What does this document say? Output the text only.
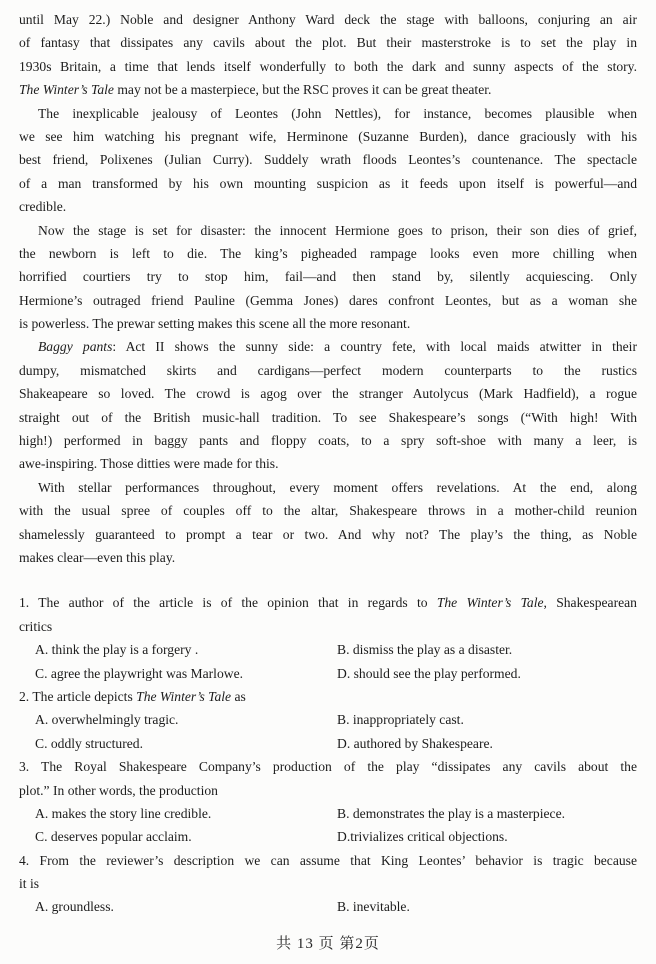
until May 22.) Noble and designer Anthony Ward deck the stage with balloons, conjuring an air
of fantasy that dissipates any cavils about the plot. But their masterstroke is to set the play in
1930s Britain, a time that lends itself wonderfully to both the dark and sunny aspects of the story.
The Winter’s Tale may not be a masterpiece, but the RSC proves it can be great theater.
The inexplicable jealousy of Leontes (John Nettles), for instance, becomes plausible when
we see him watching his pregnant wife, Herminone (Suzanne Burden), dance graciously with his
best friend, Polixenes (Julian Curry). Suddely wrath floods Leontes’s countenance. The spectacle
of a man transformed by his own mounting suspicion as it feeds upon itself is powerful—and
credible.
Now the stage is set for disaster: the innocent Hermione goes to prison, their son dies of grief,
the newborn is left to die. The king’s pigheaded rampage looks even more chilling when
horrified courtiers try to stop him, fail—and then stand by, silently acquiescing. Only
Hermione’s outraged friend Pauline (Gemma Jones) dares confront Leontes, but as a woman she
is powerless. The prewar setting makes this scene all the more resonant.
Baggy pants: Act II shows the sunny side: a country fete, with local maids atwitter in their
dumpy, mismatched skirts and cardigans—perfect modern counterparts to the rustics
Shakeapeare so loved. The crowd is agog over the stranger Autolycus (Mark Hadfield), a rogue
straight out of the British music-hall tradition. To see Shakespeare’s songs (“With high! With
high!) performed in baggy pants and floppy coats, to a spry soft-shoe with many a leer, is
awe-inspiring. Those ditties were made for this.
With stellar performances throughout, every moment offers revelations. At the end, along
with the usual spree of couples off to the altar, Shakespeare throws in a mother-child reunion
shamelessly guaranteed to prompt a tear or two. And why not? The play’s the thing, as Noble
makes clear—even this play.
1. The author of the article is of the opinion that in regards to The Winter’s Tale, Shakespearean
critics
A. think the play is a forgery .	B. dismiss the play as a disaster.
C. agree the playwright was Marlowe.	D. should see the play performed.
2. The article depicts The Winter’s Tale as
A. overwhelmingly tragic.	B. inappropriately cast.
C. oddly structured.	D. authored by Shakespeare.
3. The Royal Shakespeare Company’s production of the play “dissipates any cavils about the
plot.” In other words, the production
A. makes the story line credible.	B. demonstrates the play is a masterpiece.
C. deserves popular acclaim.	D.trivializes critical objections.
4. From the reviewer’s description we can assume that King Leontes’ behavior is tragic because
it is
A. groundless.	B. inevitable.
共 13 页 第2页
